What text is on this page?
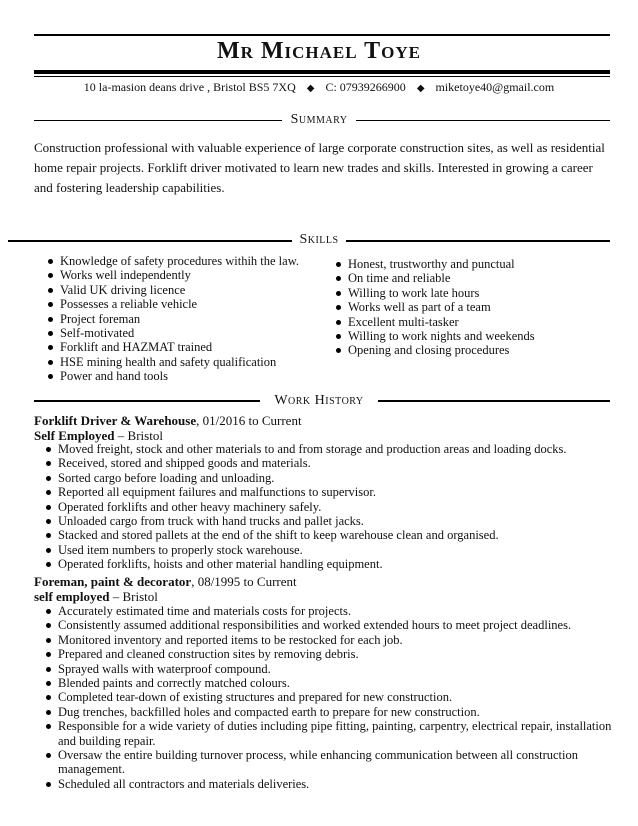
Mr Michael Toye
10 la-masion deans drive , Bristol BS5 7XQ ◆ C: 07939266900 ◆ miketoye40@gmail.com
Summary
Construction professional with valuable experience of large corporate construction sites, as well as residential home repair projects. Forklift driver motivated to learn new trades and skills. Interested in growing a career and fostering leadership capabilities.
Skills
Knowledge of safety procedures withih the law.
Works well independently
Valid UK driving licence
Possesses a reliable vehicle
Project foreman
Self-motivated
Forklift and HAZMAT trained
HSE mining health and safety qualification
Power and hand tools
Honest, trustworthy and punctual
On time and reliable
Willing to work late hours
Works well as part of a team
Excellent multi-tasker
Willing to work nights and weekends
Opening and closing procedures
Work History
Forklift Driver & Warehouse, 01/2016 to Current
Self Employed – Bristol
Moved freight, stock and other materials to and from storage and production areas and loading docks.
Received, stored and shipped goods and materials.
Sorted cargo before loading and unloading.
Reported all equipment failures and malfunctions to supervisor.
Operated forklifts and other heavy machinery safely.
Unloaded cargo from truck with hand trucks and pallet jacks.
Stacked and stored pallets at the end of the shift to keep warehouse clean and organised.
Used item numbers to properly stock warehouse.
Operated forklifts, hoists and other material handling equipment.
Foreman, paint & decorator, 08/1995 to Current
self employed – Bristol
Accurately estimated time and materials costs for projects.
Consistently assumed additional responsibilities and worked extended hours to meet project deadlines.
Monitored inventory and reported items to be restocked for each job.
Prepared and cleaned construction sites by removing debris.
Sprayed walls with waterproof compound.
Blended paints and correctly matched colours.
Completed tear-down of existing structures and prepared for new construction.
Dug trenches, backfilled holes and compacted earth to prepare for new construction.
Responsible for a wide variety of duties including pipe fitting, painting, carpentry, electrical repair, installation and building repair.
Oversaw the entire building turnover process, while enhancing communication between all construction management.
Scheduled all contractors and materials deliveries.
